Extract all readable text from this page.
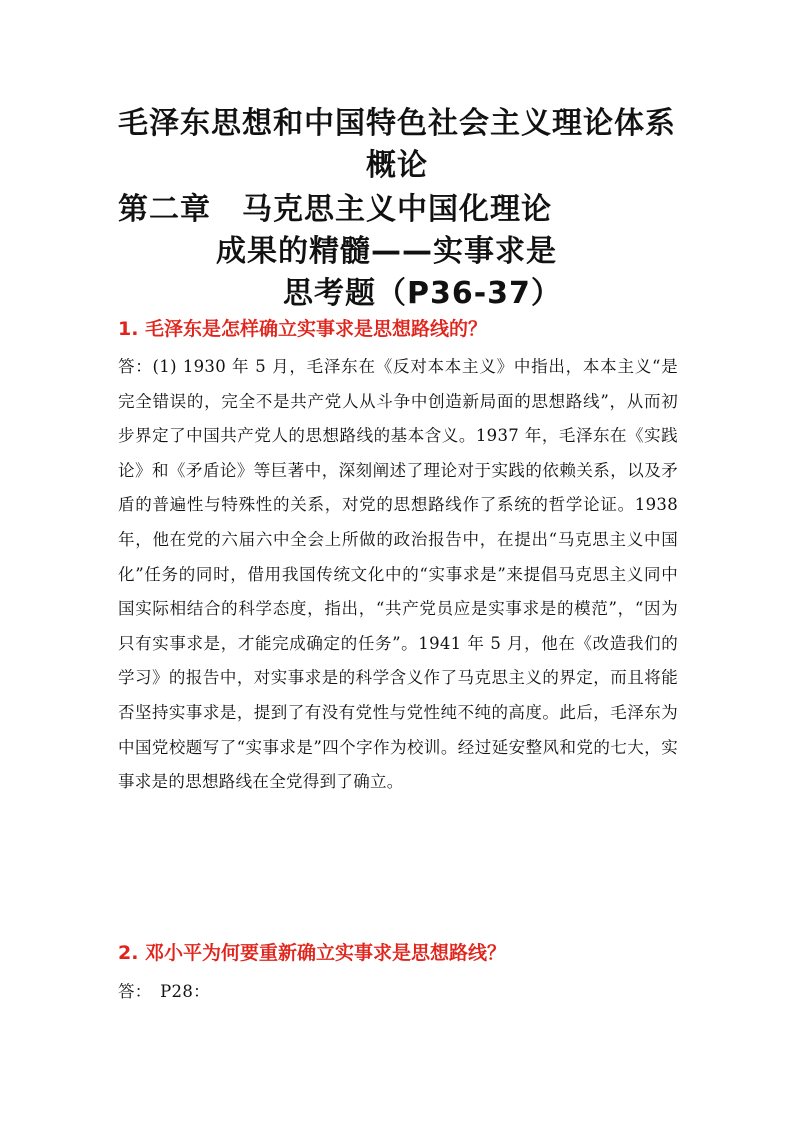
毛泽东思想和中国特色社会主义理论体系
概论
第二章　马克思主义中国化理论
成果的精髓——实事求是
思考题（P36-37）
1. 毛泽东是怎样确立实事求是思想路线的？
答：(1) 1930 年 5 月，毛泽东在《反对本本主义》中指出，本本主义“是完全错误的，完全不是共产党人从斗争中创造新局面的思想路线”，从而初步界定了中国共产党人的思想路线的基本含义。1937 年，毛泽东在《实践论》和《矛盾论》等巨著中，深刻阐述了理论对于实践的依赖关系，以及矛盾的普遍性与特殊性的关系，对党的思想路线作了系统的哲学论证。1938 年，他在党的六届六中全会上所做的政治报告中，在提出“马克思主义中国化”任务的同时，借用我国传统文化中的“实事求是”来提倡马克思主义同中国实际相结合的科学态度，指出，“共产党员应是实事求是的模范”，“因为只有实事求是，才能完成确定的任务”。1941 年 5 月，他在《改造我们的学习》的报告中，对实事求是的科学含义作了马克思主义的界定，而且将能否坚持实事求是，提到了有没有党性与党性纯不纯的高度。此后，毛泽东为中国党校题写了“实事求是”四个字作为校训。经过延安整风和党的七大，实事求是的思想路线在全党得到了确立。
2. 邓小平为何要重新确立实事求是思想路线？
答：　P28：
